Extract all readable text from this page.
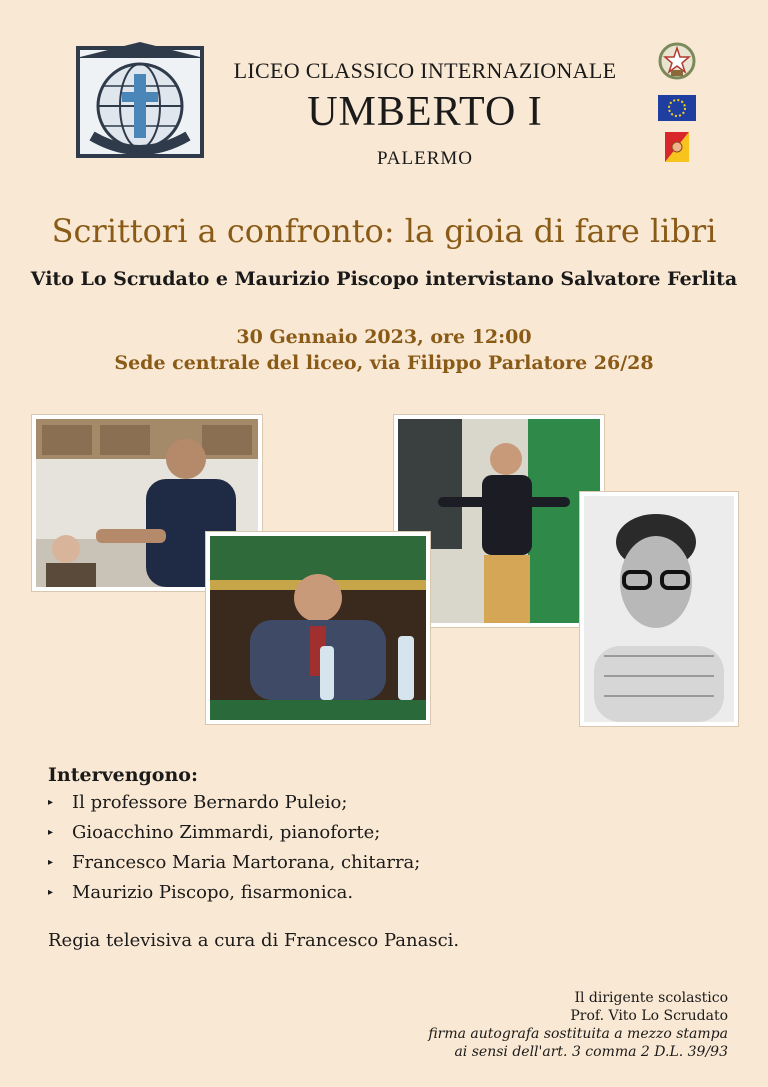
LICEO CLASSICO INTERNAZIONALE
UMBERTO I
PALERMO
Scrittori a confronto: la gioia di fare libri
Vito Lo Scrudato e Maurizio Piscopo intervistano Salvatore Ferlita
30 Gennaio 2023, ore 12:00
Sede centrale del liceo, via Filippo Parlatore 26/28
Intervengono:
▸ Il professore Bernardo Puleio;
▸ Gioacchino Zimmardi, pianoforte;
▸ Francesco Maria Martorana, chitarra;
▸ Maurizio Piscopo, fisarmonica.
Regia televisiva a cura di Francesco Panasci.
Il dirigente scolastico
Prof. Vito Lo Scrudato
firma autografa sostituita a mezzo stampa
ai sensi dell'art. 3 comma 2 D.L. 39/93
